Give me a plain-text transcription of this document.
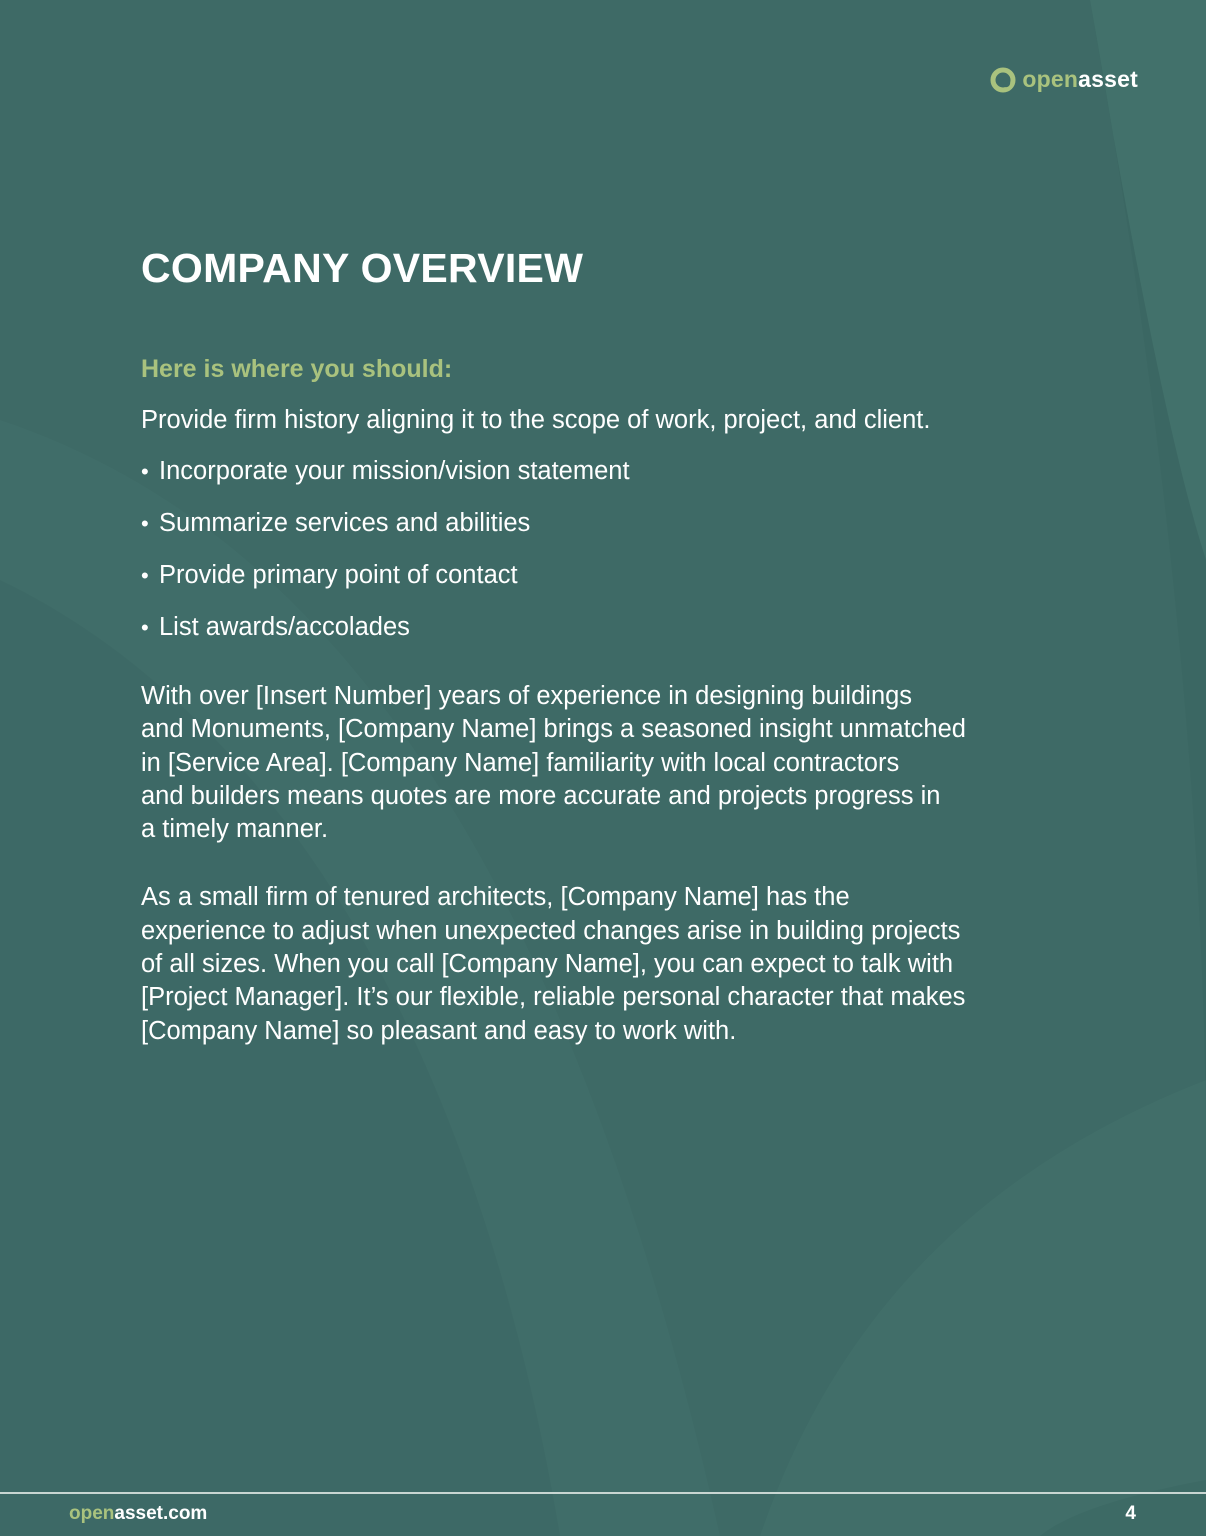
openasset
COMPANY OVERVIEW

Here is where you should:

Provide firm history aligning it to the scope of work, project, and client.

• Incorporate your mission/vision statement
• Summarize services and abilities
• Provide primary point of contact
• List awards/accolades

With over [Insert Number] years of experience in designing buildings
and Monuments, [Company Name] brings a seasoned insight unmatched
in [Service Area]. [Company Name] familiarity with local contractors
and builders means quotes are more accurate and projects progress in
a timely manner.

As a small firm of tenured architects, [Company Name] has the
experience to adjust when unexpected changes arise in building projects
of all sizes. When you call [Company Name], you can expect to talk with
[Project Manager]. It’s our flexible, reliable personal character that makes
[Company Name] so pleasant and easy to work with.

openasset.com	4
